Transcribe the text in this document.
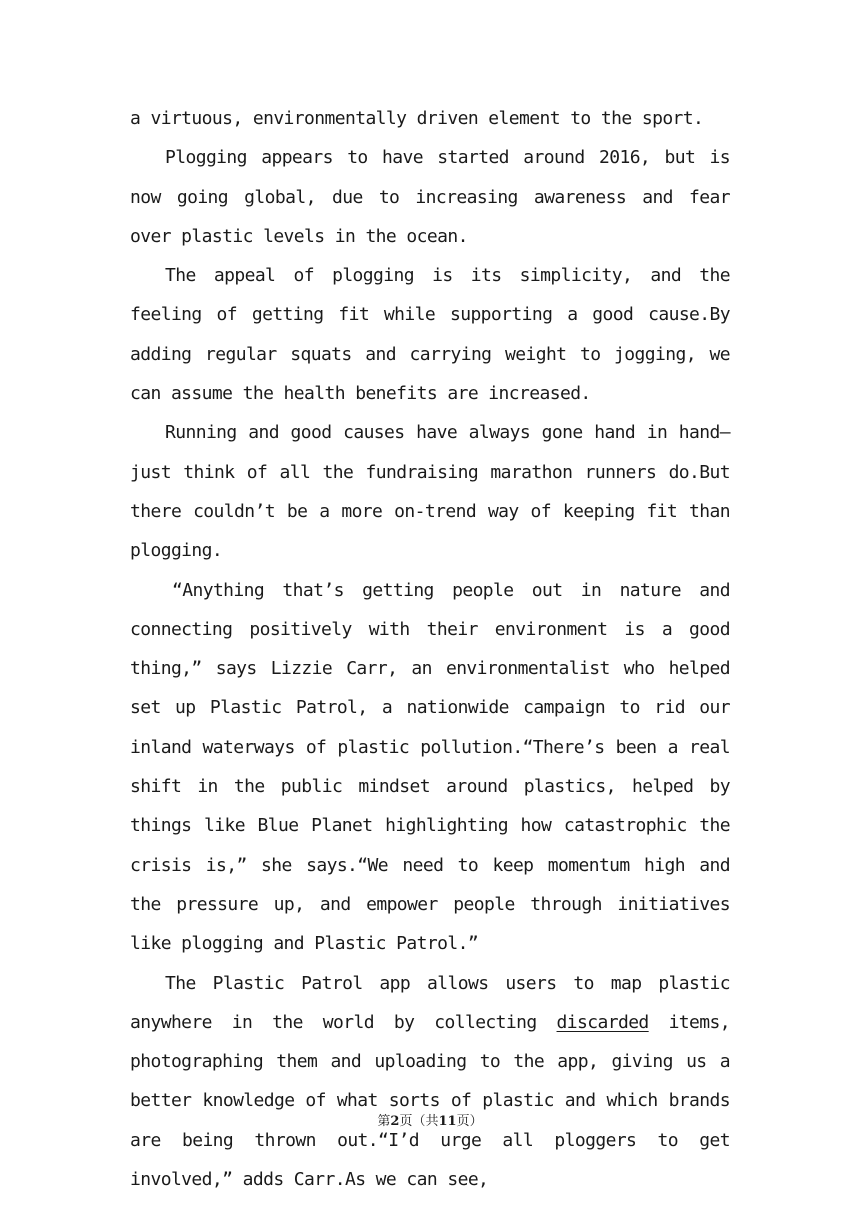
a virtuous, environmentally driven element to the sport.

Plogging appears to have started around 2016, but is now going global, due to increasing awareness and fear over plastic levels in the ocean.

The appeal of plogging is its simplicity, and the feeling of getting fit while supporting a good cause.By adding regular squats and carrying weight to jogging, we can assume the health benefits are increased.

Running and good causes have always gone hand in hand—just think of all the fundraising marathon runners do.But there couldn’t be a more on-trend way of keeping fit than plogging.

“Anything that’s getting people out in nature and connecting positively with their environment is a good thing,” says Lizzie Carr, an environmentalist who helped set up Plastic Patrol, a nationwide campaign to rid our inland waterways of plastic pollution.“There’s been a real shift in the public mindset around plastics, helped by things like Blue Planet highlighting how catastrophic the crisis is,” she says.“We need to keep momentum high and the pressure up, and empower people through initiatives like plogging and Plastic Patrol.”

The Plastic Patrol app allows users to map plastic anywhere in the world by collecting discarded items, photographing them and uploading to the app, giving us a better knowledge of what sorts of plastic and which brands are being thrown out.“I’d urge all ploggers to get involved,” adds Carr.As we can see,

第2页（共11页）
